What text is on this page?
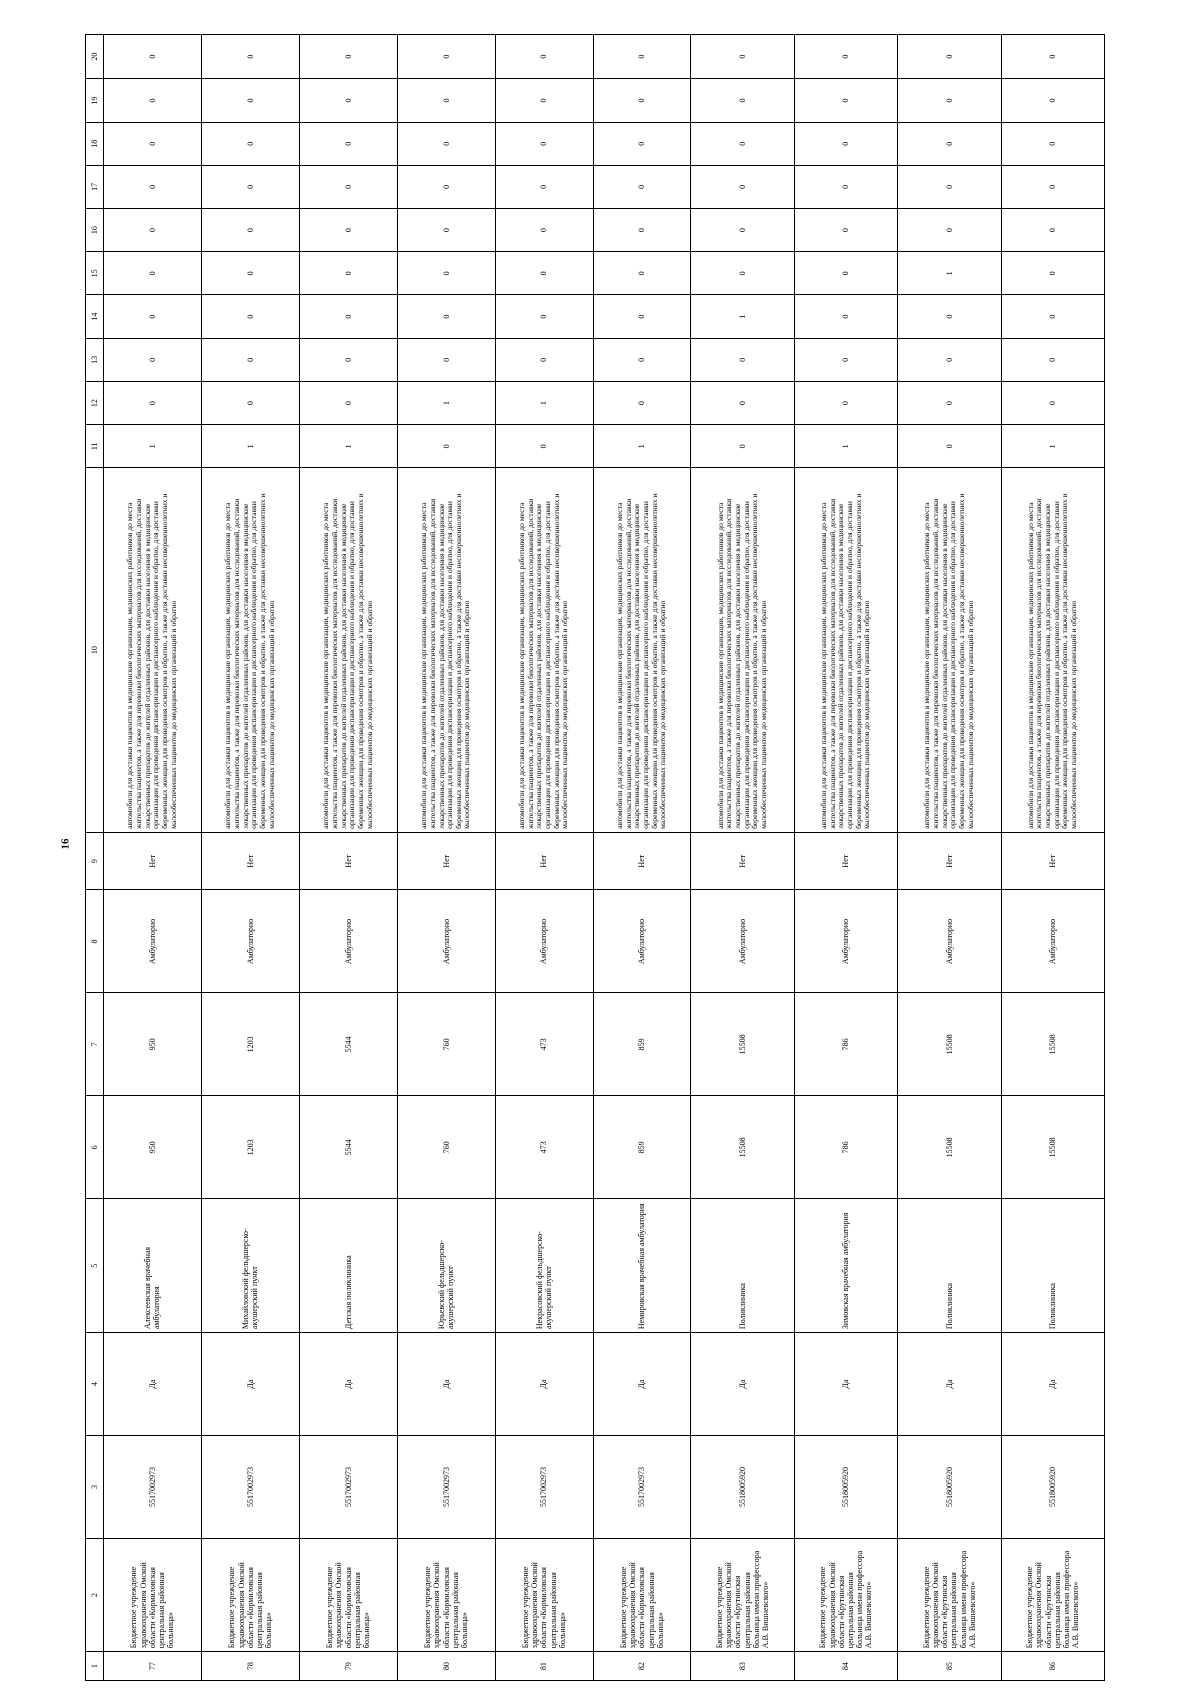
16
1	2	3	4	5	6	7	8	9	10	11	12	13	14	15	16	17	18	19	20
77	Бюджетное учреждение здравоохранения Омской области «Кормиловская центральная районная больница»	5517002973	Да	Алексеевская врачебная амбулатория	950	950	Амбулаторно	Нет	автомобили для доставки пациентов в медицинские организации, медицинских работников до места жительства пациентов, а также для перевозки биологических материалов для исследований, доставки лекарственных препаратов до жителей отдаленных районов, для доставки населения в медицинские организации для проведения диспансеризации и диспансерного наблюдения и обратно, для доставки беременных женщин для проведения осмотров и обратно, а также для доставки несовершеннолетних и малообеспеченных пациентов до медицинских организаций и обратно	1	0	0	0	0	0	0	0	0	0
78	Бюджетное учреждение здравоохранения Омской области «Кормиловская центральная районная больница»	5517002973	Да	Михайловский фельдшерско-акушерский пункт	1203	1203	Амбулаторно	Нет	автомобили для доставки пациентов в медицинские организации, медицинских работников до места жительства пациентов, а также для перевозки биологических материалов для исследований, доставки лекарственных препаратов до жителей отдаленных районов, для доставки населения в медицинские организации для проведения диспансеризации и диспансерного наблюдения и обратно, для доставки беременных женщин для проведения осмотров и обратно, а также для доставки несовершеннолетних и малообеспеченных пациентов до медицинских организаций и обратно	1	0	0	0	0	0	0	0	0	0
79	Бюджетное учреждение здравоохранения Омской области «Кормиловская центральная районная больница»	5517002973	Да	Детская поликлиника	5544	5544	Амбулаторно	Нет	автомобили для доставки пациентов в медицинские организации, медицинских работников до места жительства пациентов, а также для перевозки биологических материалов для исследований, доставки лекарственных препаратов до жителей отдаленных районов, для доставки населения в медицинские организации для проведения диспансеризации и диспансерного наблюдения и обратно, для доставки беременных женщин для проведения осмотров и обратно, а также для доставки несовершеннолетних и малообеспеченных пациентов до медицинских организаций и обратно	1	0	0	0	0	0	0	0	0	0
80	Бюджетное учреждение здравоохранения Омской области «Кормиловская центральная районная больница»	5517002973	Да	Юрьевский фельдшерско-акушерский пункт	760	760	Амбулаторно	Нет	автомобили для доставки пациентов в медицинские организации, медицинских работников до места жительства пациентов, а также для перевозки биологических материалов для исследований, доставки лекарственных препаратов до жителей отдаленных районов, для доставки населения в медицинские организации для проведения диспансеризации и диспансерного наблюдения и обратно, для доставки беременных женщин для проведения осмотров и обратно, а также для доставки несовершеннолетних и малообеспеченных пациентов до медицинских организаций и обратно	0	1	0	0	0	0	0	0	0	0
81	Бюджетное учреждение здравоохранения Омской области «Кормиловская центральная районная больница»	5517002973	Да	Некрасовский фельдшерско-акушерский пункт	473	473	Амбулаторно	Нет	автомобили для доставки пациентов в медицинские организации, медицинских работников до места жительства пациентов, а также для перевозки биологических материалов для исследований, доставки лекарственных препаратов до жителей отдаленных районов, для доставки населения в медицинские организации для проведения диспансеризации и диспансерного наблюдения и обратно, для доставки беременных женщин для проведения осмотров и обратно, а также для доставки несовершеннолетних и малообеспеченных пациентов до медицинских организаций и обратно	0	1	0	0	0	0	0	0	0	0
82	Бюджетное учреждение здравоохранения Омской области «Кормиловская центральная районная больница»	5517002973	Да	Немировская врачебная амбулатория	859	859	Амбулаторно	Нет	автомобили для доставки пациентов в медицинские организации, медицинских работников до места жительства пациентов, а также для перевозки биологических материалов для исследований, доставки лекарственных препаратов до жителей отдаленных районов, для доставки населения в медицинские организации для проведения диспансеризации и диспансерного наблюдения и обратно, для доставки беременных женщин для проведения осмотров и обратно, а также для доставки несовершеннолетних и малообеспеченных пациентов до медицинских организаций и обратно	1	0	0	0	0	0	0	0	0	0
83	Бюджетное учреждение здравоохранения Омской области «Крутинская центральная районная больница имени профессора А.В. Вишневского»	5518005920	Да	Поликлиника	15508	15508	Амбулаторно	Нет	автомобили для доставки пациентов в медицинские организации, медицинских работников до места жительства пациентов, а также для перевозки биологических материалов для исследований, доставки лекарственных препаратов до жителей отдаленных районов, для доставки населения в медицинские организации для проведения диспансеризации и диспансерного наблюдения и обратно, для доставки беременных женщин для проведения осмотров и обратно, а также для доставки несовершеннолетних и малообеспеченных пациентов до медицинских организаций и обратно	0	0	0	1	0	0	0	0	0	0
84	Бюджетное учреждение здравоохранения Омской области «Крутинская центральная районная больница имени профессора А.В. Вишневского»	5518005920	Да	Зимовская врачебная амбулатория	786	786	Амбулаторно	Нет	автомобили для доставки пациентов в медицинские организации, медицинских работников до места жительства пациентов, а также для перевозки биологических материалов для исследований, доставки лекарственных препаратов до жителей отдаленных районов, для доставки населения в медицинские организации для проведения диспансеризации и диспансерного наблюдения и обратно, для доставки беременных женщин для проведения осмотров и обратно, а также для доставки несовершеннолетних и малообеспеченных пациентов до медицинских организаций и обратно	1	0	0	0	0	0	0	0	0	0
85	Бюджетное учреждение здравоохранения Омской области «Крутинская центральная районная больница имени профессора А.В. Вишневского»	5518005920	Да	Поликлиника	15508	15508	Амбулаторно	Нет	автомобили для доставки пациентов в медицинские организации, медицинских работников до места жительства пациентов, а также для перевозки биологических материалов для исследований, доставки лекарственных препаратов до жителей отдаленных районов, для доставки населения в медицинские организации для проведения диспансеризации и диспансерного наблюдения и обратно, для доставки беременных женщин для проведения осмотров и обратно, а также для доставки несовершеннолетних и малообеспеченных пациентов до медицинских организаций и обратно	0	0	0	0	1	0	0	0	0	0
86	Бюджетное учреждение здравоохранения Омской области «Крутинская центральная районная больница имени профессора А.В. Вишневского»	5518005920	Да	Поликлиника	15508	15508	Амбулаторно	Нет	автомобили для доставки пациентов в медицинские организации, медицинских работников до места жительства пациентов, а также для перевозки биологических материалов для исследований, доставки лекарственных препаратов до жителей отдаленных районов, для доставки населения в медицинские организации для проведения диспансеризации и диспансерного наблюдения и обратно, для доставки беременных женщин для проведения осмотров и обратно, а также для доставки несовершеннолетних и малообеспеченных пациентов до медицинских организаций и обратно	1	0	0	0	0	0	0	0	0	0
